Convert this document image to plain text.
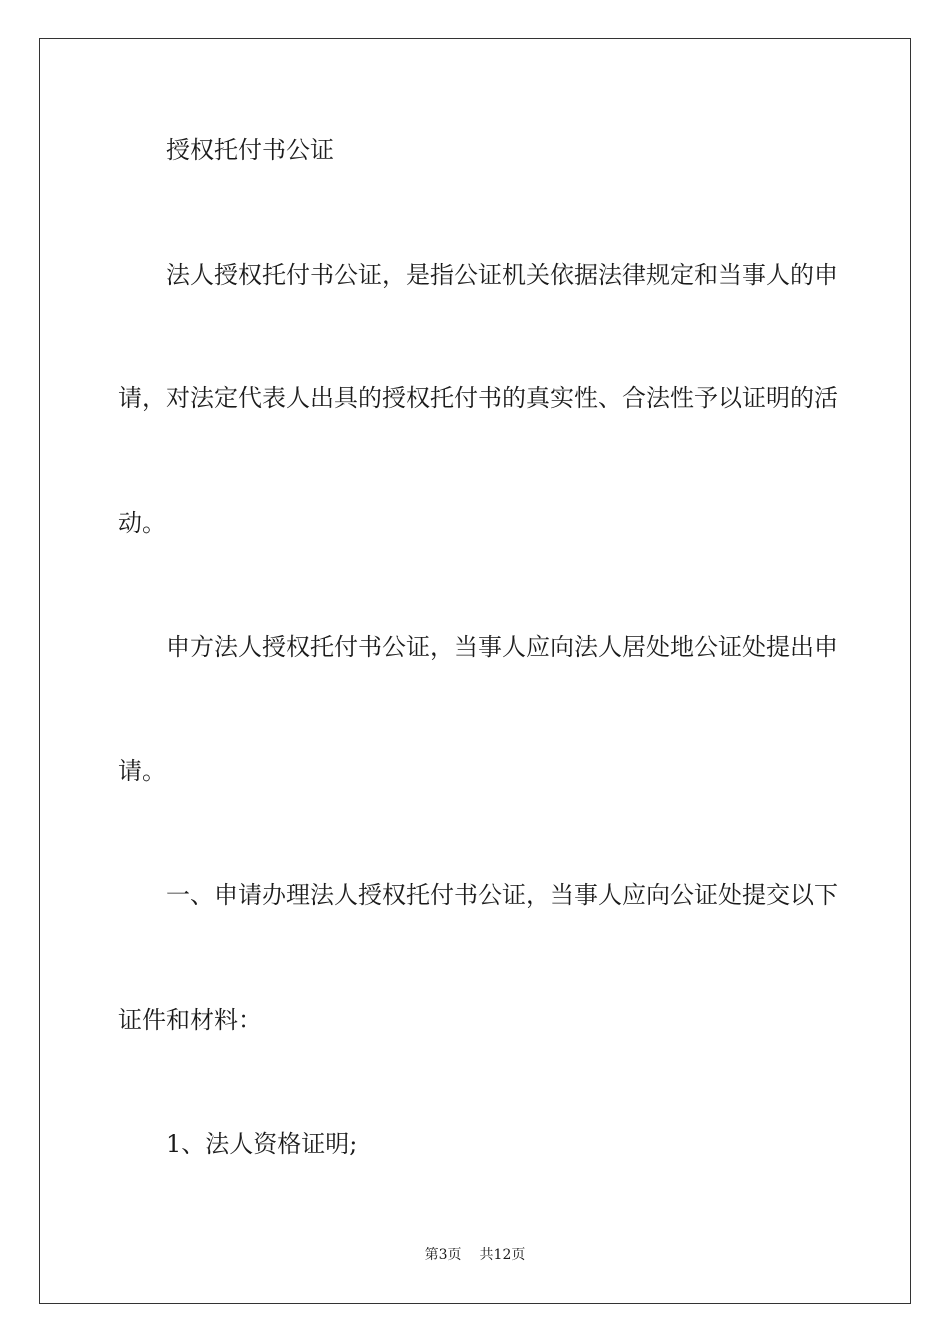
授权托付书公证
法人授权托付书公证，是指公证机关依据法律规定和当事人的申
请，对法定代表人出具的授权托付书的真实性、合法性予以证明的活
动。
申方法人授权托付书公证，当事人应向法人居处地公证处提出申
请。
一、申请办理法人授权托付书公证，当事人应向公证处提交以下
证件和材料：
1、法人资格证明;
第3页 共12页
